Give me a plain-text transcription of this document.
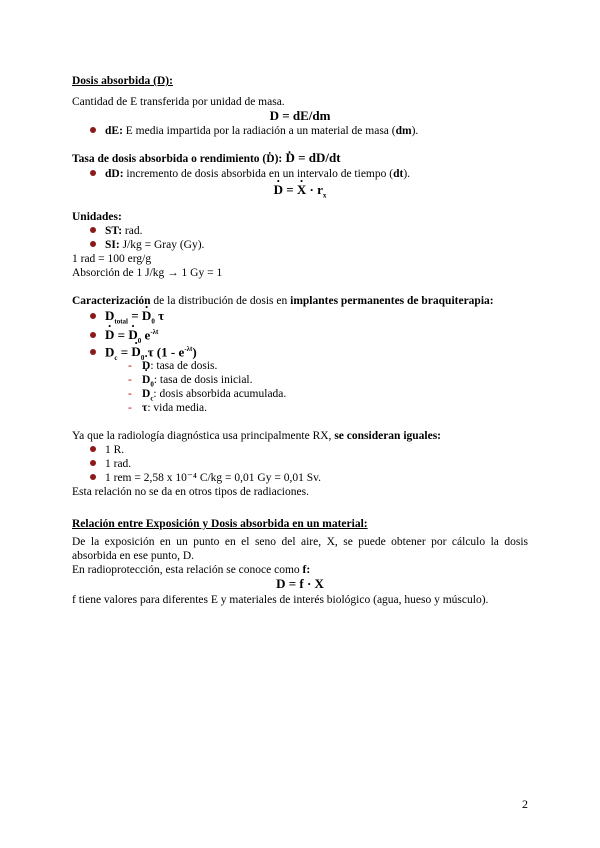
Dosis absorbida (D):
Cantidad de E transferida por unidad de masa.
D = dE/dm
dE: E media impartida por la radiación a un material de masa (dm).
Tasa de dosis absorbida o rendimiento (Ḋ): Ḋ = dD/dt
dD: incremento de dosis absorbida en un intervalo de tiempo (dt).
D · = X · · $r_x$
Unidades:
ST: rad.
SI: J/kg = Gray (Gy).
1 rad = 100 erg/g
Absorción de 1 J/kg → 1 Gy = 1
Caracterización de la distribución de dosis en implantes permanentes de braquiterapia:
$D_{total} = D \cdot_0$ τ
D · = $D \cdot_0$ $e^{-\lambda t}$
$D_c = D \cdot_0$ τ $(1 - e^{-\lambda t})$
- D ·: tasa de dosis.
- $D \cdot_0$: tasa de dosis inicial.
- $D_c$: dosis absorbida acumulada.
- τ: vida media.
Ya que la radiología diagnóstica usa principalmente RX, se consideran iguales:
1 R.
1 rad.
1 rem = 2,58 x 10⁻⁴ C/kg = 0,01 Gy = 0,01 Sv.
Esta relación no se da en otros tipos de radiaciones.
Relación entre Exposición y Dosis absorbida en un material:
De la exposición en un punto en el seno del aire, X, se puede obtener por cálculo la dosis absorbida en ese punto, D.
En radioprotección, esta relación se conoce como f:
D = f · X
f tiene valores para diferentes E y materiales de interés biológico (agua, hueso y músculo).
2
